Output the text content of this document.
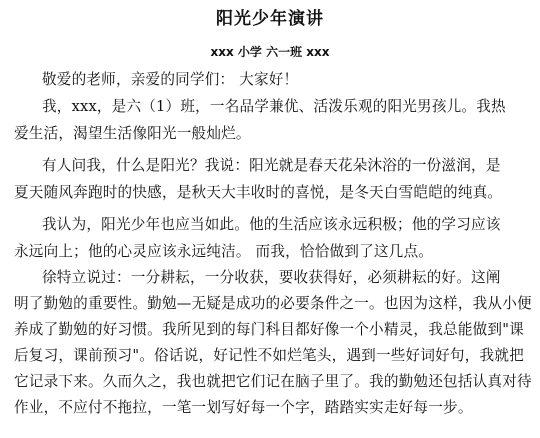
阳光少年演讲
xxx 小学 六一班 xxx
敬爱的老师，亲爱的同学们： 大家好！
我，xxx，是六（1）班，一名品学兼优、活泼乐观的阳光男孩儿。我热
爱生活，渴望生活像阳光一般灿烂。
有人问我，什么是阳光？我说：阳光就是春天花朵沐浴的一份滋润，是
夏天随风奔跑时的快感，是秋天大丰收时的喜悦，是冬天白雪皑皑的纯真。
我认为，阳光少年也应当如此。他的生活应该永远积极；他的学习应该
永远向上；他的心灵应该永远纯洁。 而我，恰恰做到了这几点。
徐特立说过：一分耕耘，一分收获，要收获得好，必须耕耘的好。这阐
明了勤勉的重要性。勤勉—无疑是成功的必要条件之一。也因为这样，我从小便
养成了勤勉的好习惯。我所见到的每门科目都好像一个小精灵，我总能做到"课
后复习，课前预习"。俗话说，好记性不如烂笔头，遇到一些好词好句，我就把
它记录下来。久而久之，我也就把它们记在脑子里了。我的勤勉还包括认真对待
作业，不应付不拖拉，一笔一划写好每一个字，踏踏实实走好每一步。
